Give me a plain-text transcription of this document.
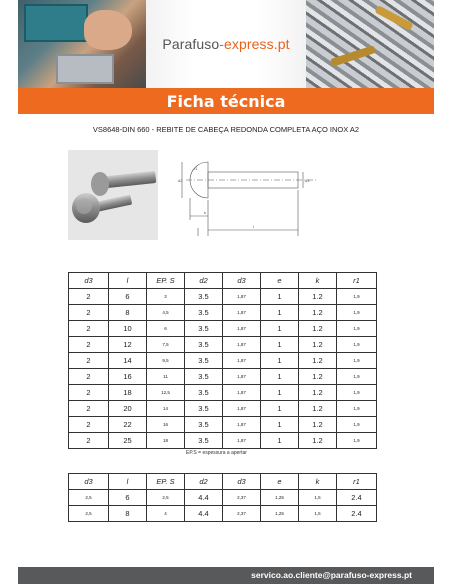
Parafuso-express.pt
Ficha técnica
VS8648-DIN 660 - REBITE DE CABEÇA REDONDA COMPLETA AÇO INOX A2
d2	d3
k
l
r1
d3	l	EP. S	d2	d3	e	k	r1
2	6	3	3.5	1,87	1	1.2	1,9
2	8	4,5	3.5	1,87	1	1.2	1,9
2	10	6	3.5	1,87	1	1.2	1,9
2	12	7,5	3.5	1,87	1	1.2	1,9
2	14	9,5	3.5	1,87	1	1.2	1,9
2	16	11	3.5	1,87	1	1.2	1,9
2	18	12,5	3.5	1,87	1	1.2	1,9
2	20	14	3.5	1,87	1	1.2	1,9
2	22	16	3.5	1,87	1	1.2	1,9
2	25	18	3.5	1,87	1	1.2	1,9
EP.S = espessura a apertar
d3	l	EP. S	d2	d3	e	k	r1
2,5	6	2,5	4.4	2,37	1,25	1,5	2.4
2,5	8	4	4.4	2,37	1,25	1,5	2.4
servico.ao.cliente@parafuso-express.pt
